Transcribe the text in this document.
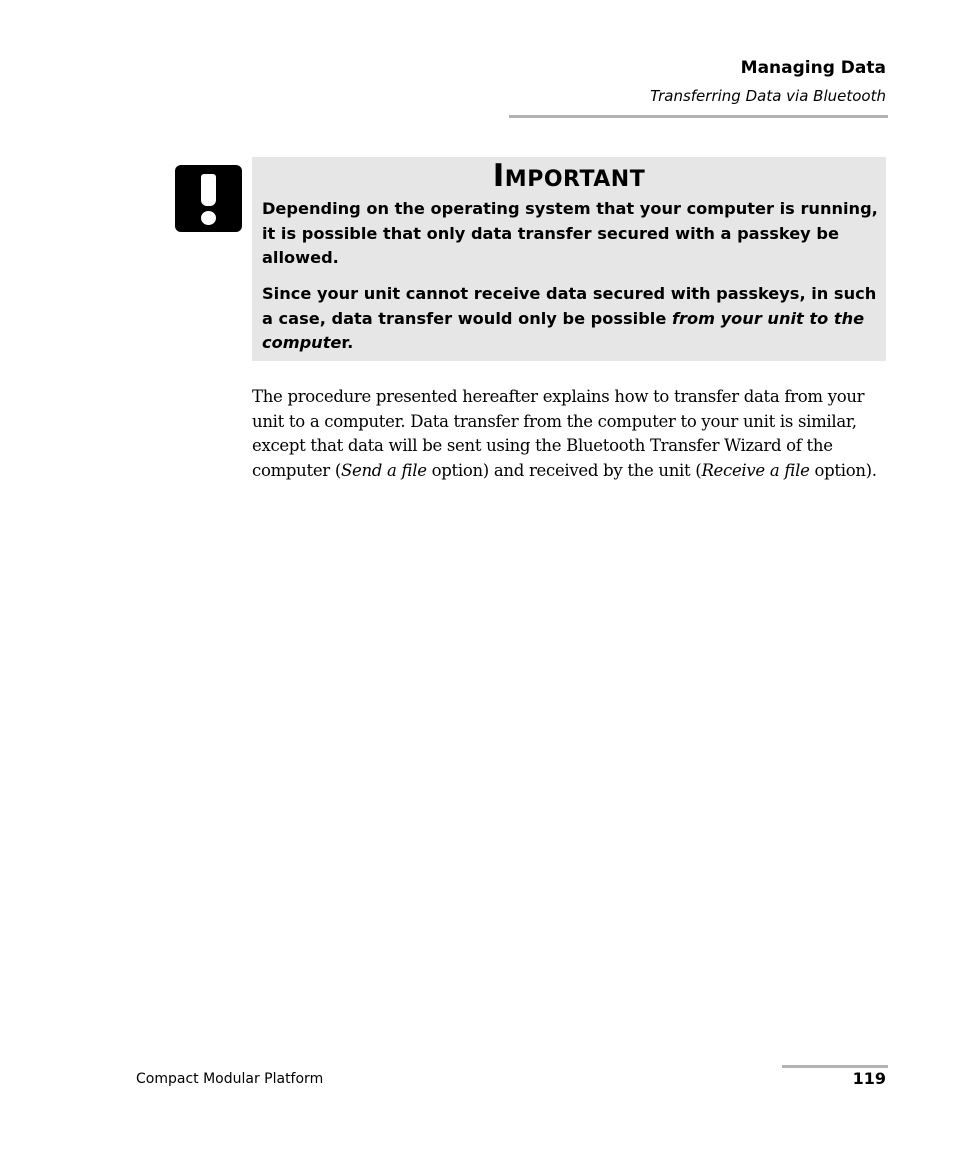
Managing Data
Transferring Data via Bluetooth
Important
Depending on the operating system that your computer is running, it is possible that only data transfer secured with a passkey be allowed.
Since your unit cannot receive data secured with passkeys, in such a case, data transfer would only be possible from your unit to the computer.
The procedure presented hereafter explains how to transfer data from your unit to a computer. Data transfer from the computer to your unit is similar, except that data will be sent using the Bluetooth Transfer Wizard of the computer (Send a file option) and received by the unit (Receive a file option).
Compact Modular Platform	119
